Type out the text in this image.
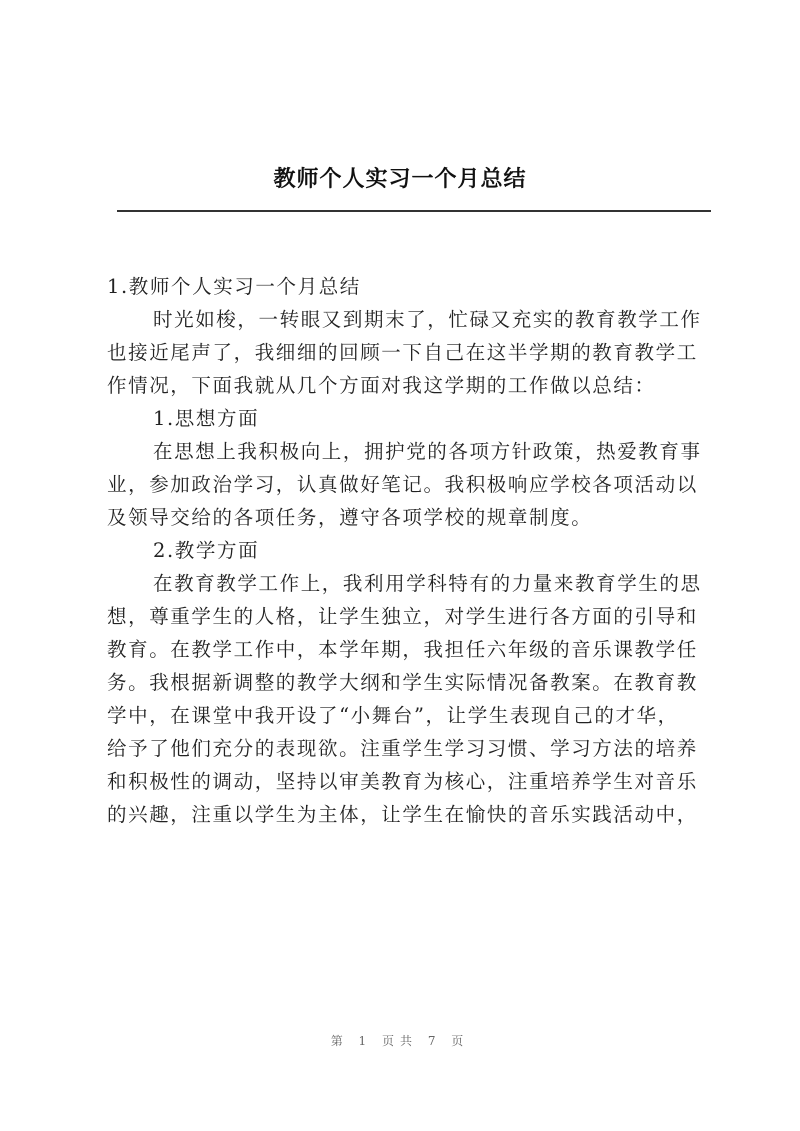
教师个人实习一个月总结
1.教师个人实习一个月总结
时光如梭，一转眼又到期末了，忙碌又充实的教育教学工作
也接近尾声了，我细细的回顾一下自己在这半学期的教育教学工
作情况，下面我就从几个方面对我这学期的工作做以总结：
1.思想方面
在思想上我积极向上，拥护党的各项方针政策，热爱教育事
业，参加政治学习，认真做好笔记。我积极响应学校各项活动以
及领导交给的各项任务，遵守各项学校的规章制度。
2.教学方面
在教育教学工作上，我利用学科特有的力量来教育学生的思
想，尊重学生的人格，让学生独立，对学生进行各方面的引导和
教育。在教学工作中，本学年期，我担任六年级的音乐课教学任
务。我根据新调整的教学大纲和学生实际情况备教案。在教育教
学中，在课堂中我开设了“小舞台”，让学生表现自己的才华，
给予了他们充分的表现欲。注重学生学习习惯、学习方法的培养
和积极性的调动，坚持以审美教育为核心，注重培养学生对音乐
的兴趣，注重以学生为主体，让学生在愉快的音乐实践活动中，
第 1 页共 7 页
